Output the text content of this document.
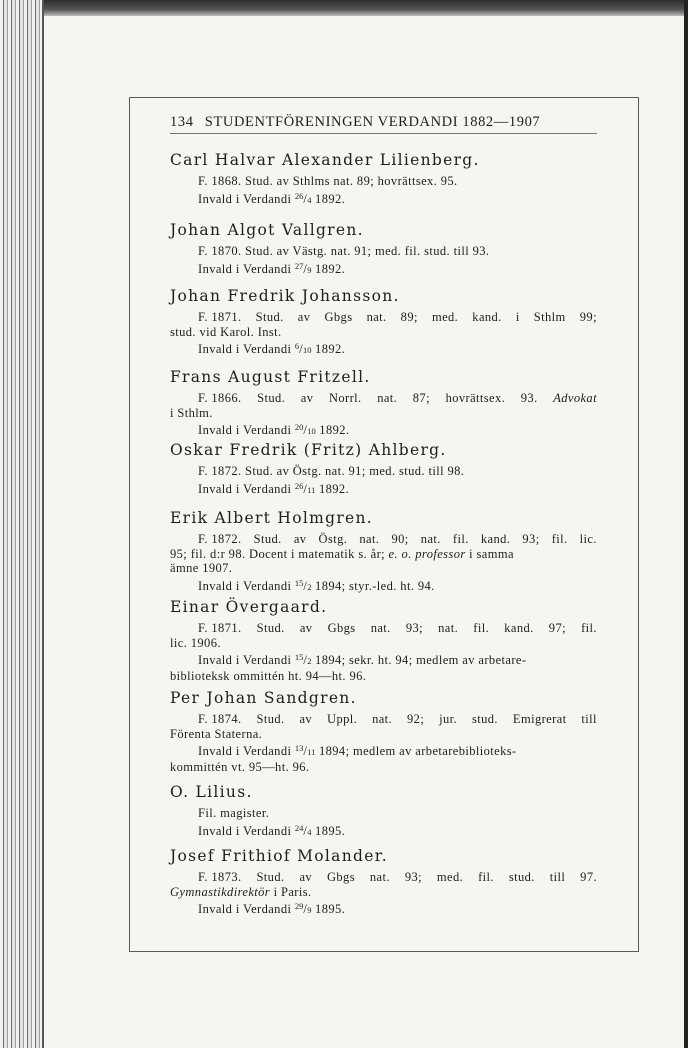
134 STUDENTFÖRENINGEN VERDANDI 1882—1907
Carl Halvar Alexander Lilienberg.
F. 1868. Stud. av Sthlms nat. 89; hovrättsex. 95.
Invald i Verdandi $^{26}$/4 1892.
Johan Algot Vallgren.
F. 1870. Stud. av Västg. nat. 91; med. fil. stud. till 93.
Invald i Verdandi $^{27}$/9 1892.
Johan Fredrik Johansson.
F. 1871. Stud. av Gbgs nat. 89; med. kand. i Sthlm 99;
stud. vid Karol. Inst.
Invald i Verdandi $^6$/10 1892.
Frans August Fritzell.
F. 1866. Stud. av Norrl. nat. 87; hovrättsex. 93. Advokat
i Sthlm.
Invald i Verdandi $^{20}$/10 1892.
Oskar Fredrik (Fritz) Ahlberg.
F. 1872. Stud. av Östg. nat. 91; med. stud. till 98.
Invald i Verdandi $^{26}$/11 1892.
Erik Albert Holmgren.
F. 1872. Stud. av Östg. nat. 90; nat. fil. kand. 93; fil. lic.
95; fil. d:r 98. Docent i matematik s. år; e. o. professor i samma
ämne 1907.
Invald i Verdandi $^{15}$/2 1894; styr.-led. ht. 94.
Einar Övergaard.
F. 1871. Stud. av Gbgs nat. 93; nat. fil. kand. 97; fil.
lic. 1906.
Invald i Verdandi $^{15}$/2 1894; sekr. ht. 94; medlem av arbetare-
biblioteksk ommittén ht. 94—ht. 96.
Per Johan Sandgren.
F. 1874. Stud. av Uppl. nat. 92; jur. stud. Emigrerat till
Förenta Staterna.
Invald i Verdandi $^{13}$/11 1894; medlem av arbetarebiblioteks-
kommittén vt. 95—ht. 96.
O. Lilius.
Fil. magister.
Invald i Verdandi $^{24}$/4 1895.
Josef Frithiof Molander.
F. 1873. Stud. av Gbgs nat. 93; med. fil. stud. till 97.
Gymnastikdirektör i Paris.
Invald i Verdandi $^{29}$/9 1895.
